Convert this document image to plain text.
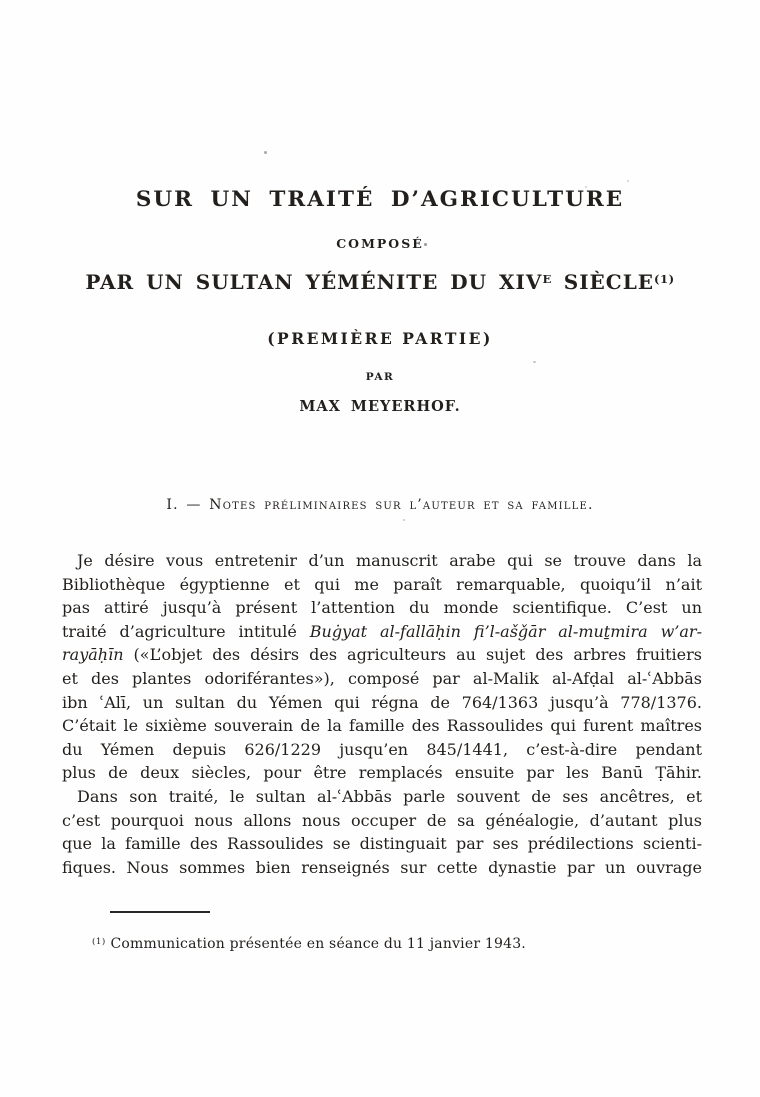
SUR UN TRAITÉ D’AGRICULTURE
COMPOSÉ
PAR UN SULTAN YÉMÉNITE DU $XIV^E$ SIÈCLE$^{(1)}$
(PREMIÈRE PARTIE)
PAR
MAX MEYERHOF.
I. — Notes préliminaires sur l’auteur et sa famille.
Je désire vous entretenir d’un manuscrit arabe qui se trouve dans la
Bibliothèque égyptienne et qui me paraît remarquable, quoiqu’il n’ait
pas attiré jusqu’à présent l’attention du monde scientifique. C’est un
traité d’agriculture intitulé Buġyat al-fallāḥin fi’l-ašǧār al-muṯmira w’ar-
rayāḥīn («L’objet des désirs des agriculteurs au sujet des arbres fruitiers
et des plantes odoriférantes»), composé par al-Malik al-Afḍal al-ʿAbbās
ibn ʿAlī, un sultan du Yémen qui régna de 764/1363 jusqu’à 778/1376.
C’était le sixième souverain de la famille des Rassoulides qui furent maîtres
du Yémen depuis 626/1229 jusqu’en 845/1441, c’est-à-dire pendant
plus de deux siècles, pour être remplacés ensuite par les Banū Ṭāhir.
Dans son traité, le sultan al-ʿAbbās parle souvent de ses ancêtres, et
c’est pourquoi nous allons nous occuper de sa généalogie, d’autant plus
que la famille des Rassoulides se distinguait par ses prédilections scienti-
fiques. Nous sommes bien renseignés sur cette dynastie par un ouvrage
$^{(1)}$ Communication présentée en séance du 11 janvier 1943.
